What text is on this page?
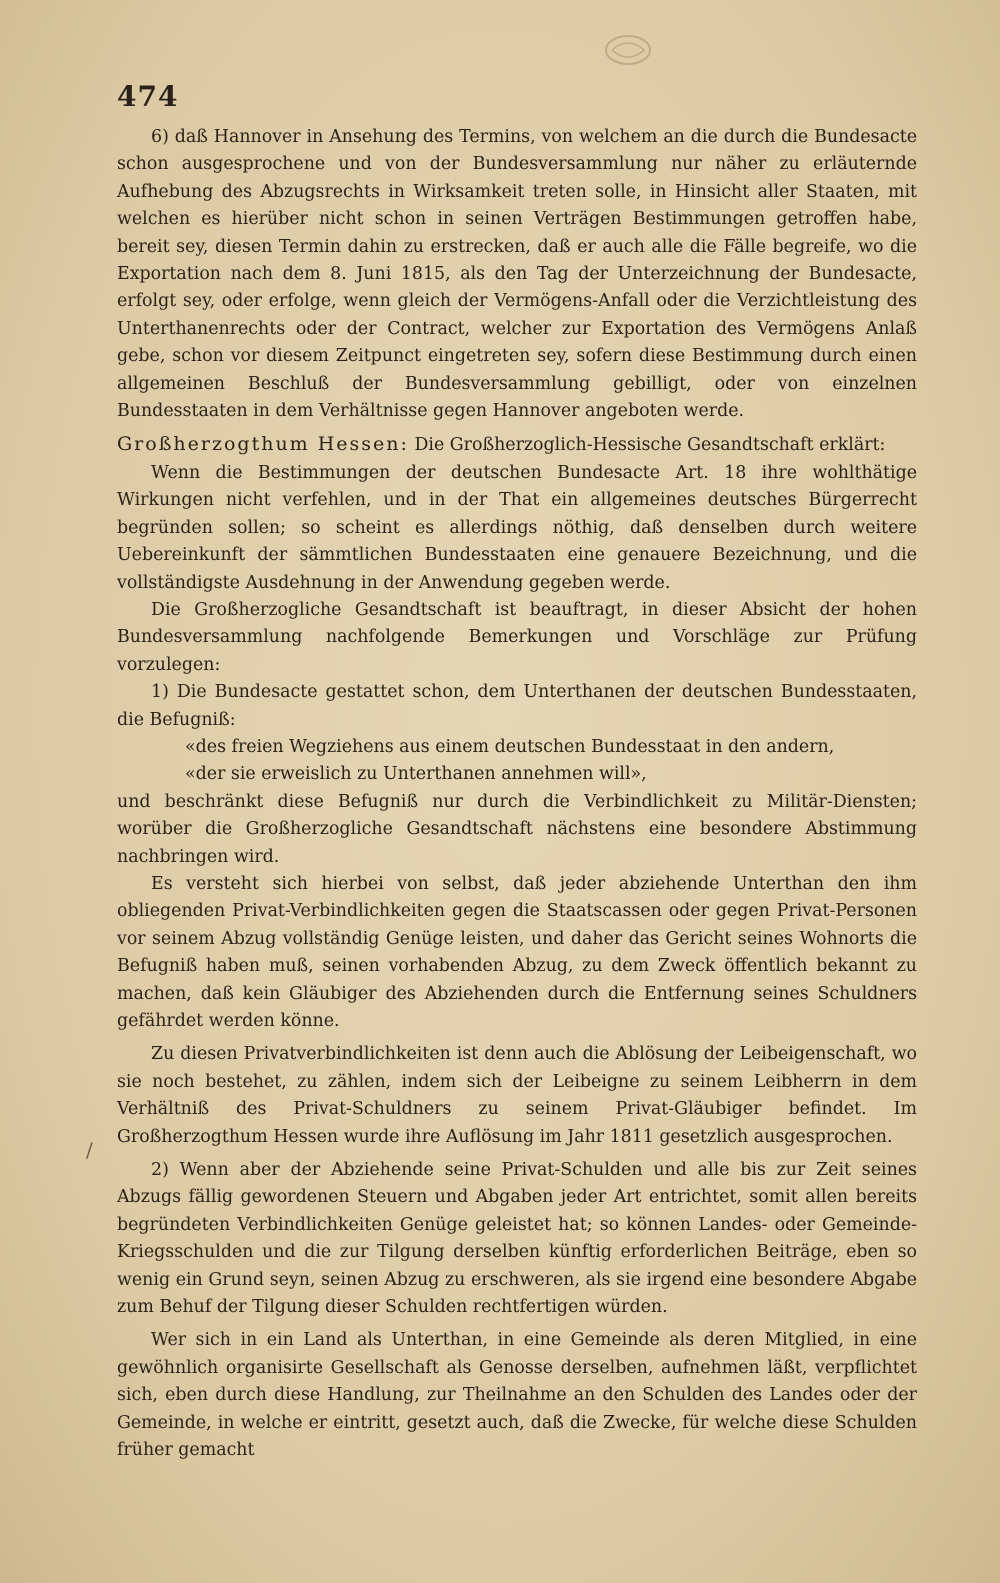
474

6) daß Hannover in Ansehung des Termins, von welchem an die durch die Bundesacte schon ausgesprochene und von der Bundesversammlung nur näher zu erläuternde Aufhebung des Abzugsrechts in Wirksamkeit treten solle, in Hinsicht aller Staaten, mit welchen es hierüber nicht schon in seinen Verträgen Bestimmungen getroffen habe, bereit sey, diesen Termin dahin zu erstrecken, daß er auch alle die Fälle begreife, wo die Exportation nach dem 8. Juni 1815, als den Tag der Unterzeichnung der Bundesacte, erfolgt sey, oder erfolge, wenn gleich der Vermögens-Anfall oder die Verzichtleistung des Unterthanenrechts oder der Contract, welcher zur Exportation des Vermögens Anlaß gebe, schon vor diesem Zeitpunct eingetreten sey, sofern diese Bestimmung durch einen allgemeinen Beschluß der Bundesversammlung gebilligt, oder von einzelnen Bundesstaaten in dem Verhältnisse gegen Hannover angeboten werde.

Großherzogthum Hessen: Die Großherzoglich-Hessische Gesandtschaft erklärt:

Wenn die Bestimmungen der deutschen Bundesacte Art. 18 ihre wohlthätige Wirkungen nicht verfehlen, und in der That ein allgemeines deutsches Bürgerrecht begründen sollen; so scheint es allerdings nöthig, daß denselben durch weitere Uebereinkunft der sämmtlichen Bundesstaaten eine genauere Bezeichnung, und die vollständigste Ausdehnung in der Anwendung gegeben werde.

Die Großherzogliche Gesandtschaft ist beauftragt, in dieser Absicht der hohen Bundesversammlung nachfolgende Bemerkungen und Vorschläge zur Prüfung vorzulegen:

1) Die Bundesacte gestattet schon, dem Unterthanen der deutschen Bundesstaaten, die Befugniß:

«des freien Wegziehens aus einem deutschen Bundesstaat in den andern,

«der sie erweislich zu Unterthanen annehmen will»,

und beschränkt diese Befugniß nur durch die Verbindlichkeit zu Militär-Diensten; worüber die Großherzogliche Gesandtschaft nächstens eine besondere Abstimmung nachbringen wird.

Es versteht sich hierbei von selbst, daß jeder abziehende Unterthan den ihm obliegenden Privat-Verbindlichkeiten gegen die Staatscassen oder gegen Privat-Personen vor seinem Abzug vollständig Genüge leisten, und daher das Gericht seines Wohnorts die Befugniß haben muß, seinen vorhabenden Abzug, zu dem Zweck öffentlich bekannt zu machen, daß kein Gläubiger des Abziehenden durch die Entfernung seines Schuldners gefährdet werden könne.

Zu diesen Privatverbindlichkeiten ist denn auch die Ablösung der Leibeigenschaft, wo sie noch bestehet, zu zählen, indem sich der Leibeigne zu seinem Leibherrn in dem Verhältniß des Privat-Schuldners zu seinem Privat-Gläubiger befindet. Im Großherzogthum Hessen wurde ihre Auflösung im Jahr 1811 gesetzlich ausgesprochen.

2) Wenn aber der Abziehende seine Privat-Schulden und alle bis zur Zeit seines Abzugs fällig gewordenen Steuern und Abgaben jeder Art entrichtet, somit allen bereits begründeten Verbindlichkeiten Genüge geleistet hat; so können Landes- oder Gemeinde-Kriegsschulden und die zur Tilgung derselben künftig erforderlichen Beiträge, eben so wenig ein Grund seyn, seinen Abzug zu erschweren, als sie irgend eine besondere Abgabe zum Behuf der Tilgung dieser Schulden rechtfertigen würden.

Wer sich in ein Land als Unterthan, in eine Gemeinde als deren Mitglied, in eine gewöhnlich organisirte Gesellschaft als Genosse derselben, aufnehmen läßt, verpflichtet sich, eben durch diese Handlung, zur Theilnahme an den Schulden des Landes oder der Gemeinde, in welche er eintritt, gesetzt auch, daß die Zwecke, für welche diese Schulden früher gemacht

/
